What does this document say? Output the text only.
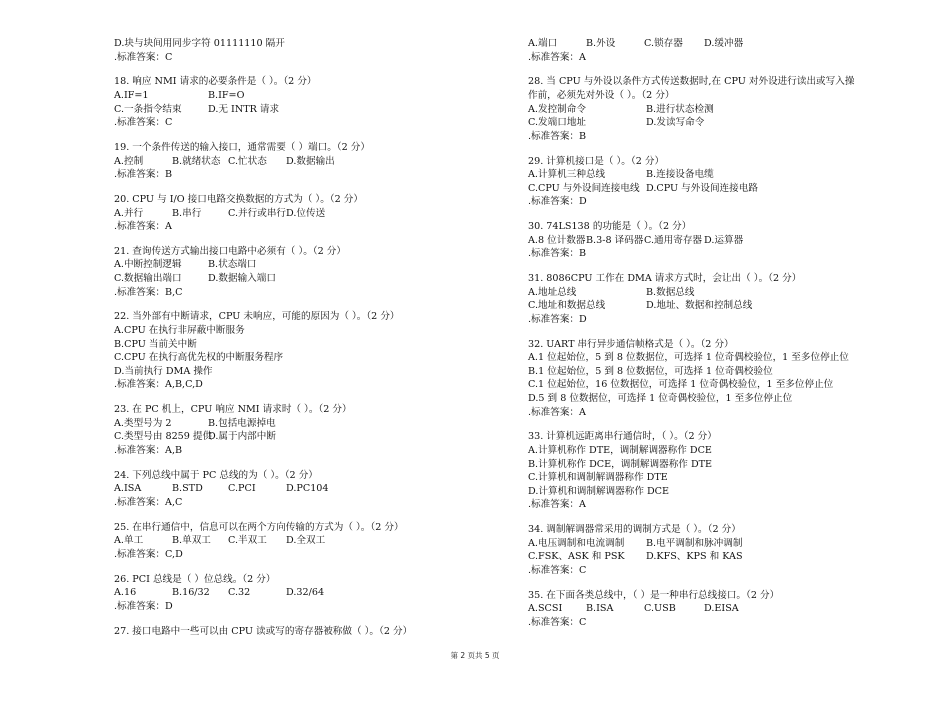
D.块与块间用同步字符 01111110 隔开
.标准答案：C
18. 响应 NMI 请求的必要条件是（ ）。（2 分）
A.IF=1	B.IF=O
C.一条指令结束	D.无 INTR 请求
.标准答案：C
19. 一个条件传送的输入接口，通常需要（ ）端口。（2 分）
A.控制	B.就绪状态 C.忙状态 D.数据输出
.标准答案：B
20. CPU 与 I/O 接口电路交换数据的方式为（ ）。（2 分）
A.并行	B.串行	C.并行或串行 D.位传送
.标准答案：A
21. 查询传送方式输出接口电路中必须有（ ）。（2 分）
A.中断控制逻辑	B.状态端口
C.数据输出端口	D.数据输入端口
.标准答案：B,C
22. 当外部有中断请求，CPU 未响应，可能的原因为（ ）。（2 分）
A.CPU 在执行非屏蔽中断服务
B.CPU 当前关中断
C.CPU 在执行高优先权的中断服务程序
D.当前执行 DMA 操作
.标准答案：A,B,C,D
23. 在 PC 机上，CPU 响应 NMI 请求时（ ）。（2 分）
A.类型号为 2	B.包括电源掉电
C.类型号由 8259 提供
D.属于内部中断
.标准答案：A,B
24. 下列总线中属于 PC 总线的为（ ）。（2 分）
A.ISA	B.STD	C.PCI	D.PC104
.标准答案：A,C
25. 在串行通信中，信息可以在两个方向传输的方式为（ ）。（2 分）
A.单工	B.单双工 C.半双工 D.全双工
.标准答案：C,D
26. PCI 总线是（ ）位总线。（2 分）
A.16	B.16/32 C.32	D.32/64
.标准答案：D
27. 接口电路中一些可以由 CPU 读或写的寄存器被称做（ ）。（2 分）
A.端口	B.外设	C.锁存器 D.缓冲器
.标准答案：A
28. 当 CPU 与外设以条件方式传送数据时,在 CPU 对外设进行读出或写入操
作前，必须先对外设（ ）。（2 分）
A.发控制命令	B.进行状态检测
C.发端口地址	D.发读写命令
.标准答案：B
29. 计算机接口是（ ）。（2 分）
A.计算机三种总线	B.连接设备电缆
C.CPU 与外设间连接电线 D.CPU 与外设间连接电路
.标准答案：D
30. 74LS138 的功能是（ ）。（2 分）
A.8 位计数器 B.3-8 译码器 C.通用寄存器 D.运算器
.标准答案：B
31. 8086CPU 工作在 DMA 请求方式时，会让出（ ）。（2 分）
A.地址总线	B.数据总线
C.地址和数据总线	D.地址、数据和控制总线
.标准答案：D
32. UART 串行异步通信帧格式是（ ）。（2 分）
A.1 位起始位，5 到 8 位数据位，可选择 1 位奇偶校验位，1 至多位停止位
B.1 位起始位，5 到 8 位数据位，可选择 1 位奇偶校验位
C.1 位起始位，16 位数据位，可选择 1 位奇偶校验位，1 至多位停止位
D.5 到 8 位数据位，可选择 1 位奇偶校验位，1 至多位停止位
.标准答案：A
33. 计算机远距离串行通信时，（ ）。（2 分）
A.计算机称作 DTE，调制解调器称作 DCE
B.计算机称作 DCE，调制解调器称作 DTE
C.计算机和调制解调器称作 DTE
D.计算机和调制解调器称作 DCE
.标准答案：A
34. 调制解调器常采用的调制方式是（ ）。（2 分）
A.电压调制和电流调制 B.电平调制和脉冲调制
C.FSK、ASK 和 PSK D.KFS、KPS 和 KAS
.标准答案：C
35. 在下面各类总线中，（ ）是一种串行总线接口。（2 分）
A.SCSI B.ISA	C.USB	D.EISA
.标准答案：C
第 2 页共 5 页
